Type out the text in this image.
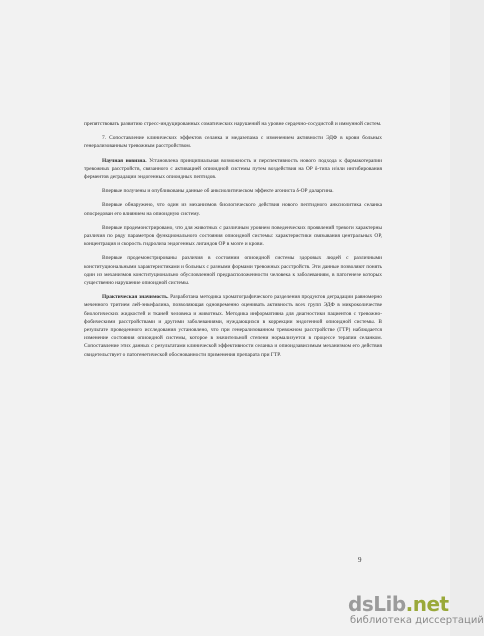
препятствовать развитию стресс-индуцированных соматических нарушений на уровне сердечно-сосудистой и иммунной систем.

7. Сопоставление клинических эффектов селанка и медазепама с изменением активности ЭДФ в крови больных генерализованным тревожным расстройством.

Научная новизна. Установлена принципиальная возможность и перспективность нового подхода к фармакотерапии тревожных расстройств, связанного с активацией опиоидной системы путем воздействия на ОР δ-типа и/или ингибирования ферментов деградации эндогенных опиоидных пептидов.

Впервые получены и опубликованы данные об анксиолитическом эффекте агониста δ-ОР даларгина.

Впервые обнаружено, что один из механизмов биологического действия нового пептидного анксиолитика селанка опосредован его влиянием на опиоидную систему.

Впервые продемонстрировано, что для животных с различным уровнем поведенческих проявлений тревоги характерны различия по ряду параметров функционального состояния опиоидной системы: характеристики связывания центральных ОР, концентрация и скорость гидролиза эндогенных лигандов ОР в мозге и крови.

Впервые продемонстрированы различия в состоянии опиоидной системы здоровых людей с различными конституциональными характеристиками и больных с разными формами тревожных расстройств. Эти данные позволяют понять один из механизмов конституционально обусловленной предрасположенности человека к заболеваниям, в патогенезе которых существенно нарушение опиоидной системы.

Практическая значимость. Разработана методика хроматографического разделения продуктов деградации равномерно меченного тритием лей-энкефалина, позволяющая одновременно оценивать активность всех групп ЭДФ в микроколичестве биологических жидкостей и тканей человека и животных. Методика информативна для диагностики пациентов с тревожно-фобическими расстройствами и другими заболеваниями, нуждающихся в коррекции эндогенной опиоидной системы. В результате проведенного исследования установлено, что при генерализованном тревожном расстройстве (ГТР) наблюдается изменение состояния опиоидной системы, которое в значительной степени нормализуется в процессе терапии селанком. Сопоставление этих данных с результатами клинической эффективности селанка и опиоидзависимым механизмом его действия свидетельствует о патогенетической обоснованности применения препарата при ГТР.

9
dsLib.net
библиотека диссертаций
